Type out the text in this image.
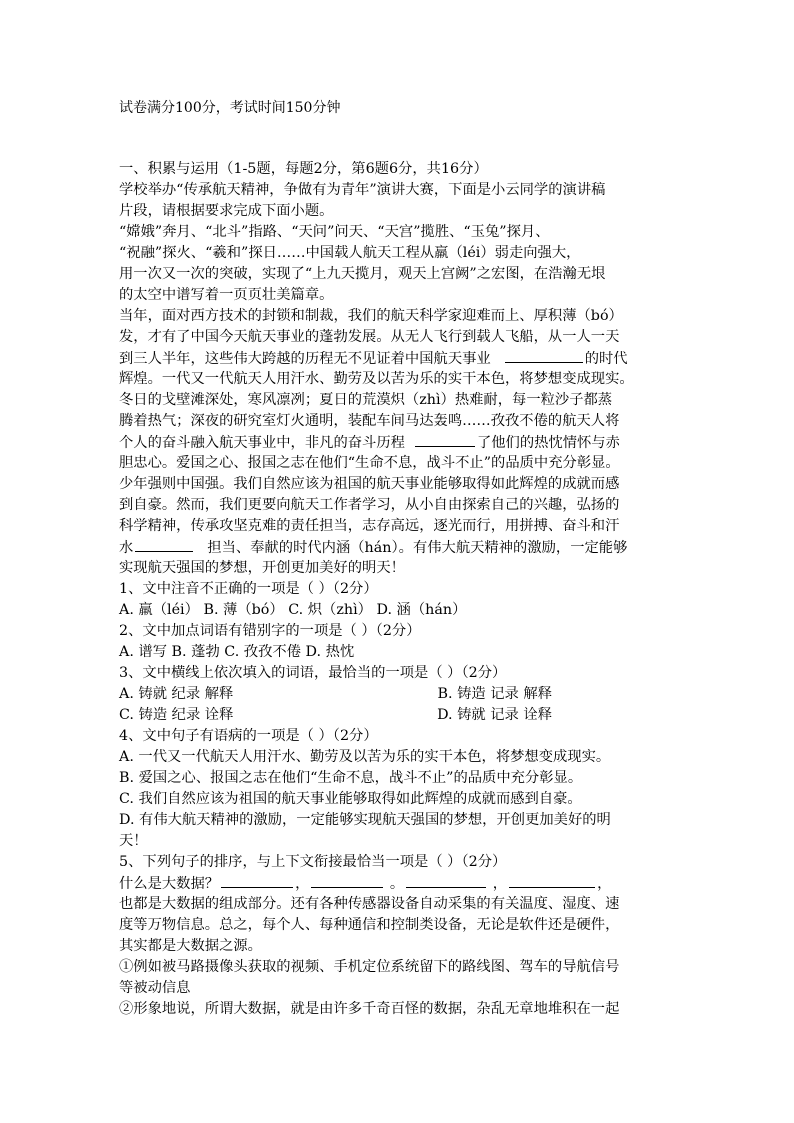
试卷满分100分，考试时间150分钟
一、积累与运用（1-5题，每题2分，第6题6分，共16分）
学校举办“传承航天精神，争做有为青年”演讲大赛，下面是小云同学的演讲稿
片段，请根据要求完成下面小题。
“嫦娥”奔月、“北斗”指路、“天问”问天、“天宫”揽胜、“玉兔”探月、
“祝融”探火、“羲和”探日……中国载人航天工程从羸（léi）弱走向强大，
用一次又一次的突破，实现了“上九天揽月，观天上宫阙”之宏图，在浩瀚无垠
的太空中谱写着一页页壮美篇章。
当年，面对西方技术的封锁和制裁，我们的航天科学家迎难而上、厚积薄（bó）
发，才有了中国今天航天事业的蓬勃发展。从无人飞行到载人飞船，从一人一天
到三人半年，这些伟大跨越的历程无不见证着中国航天事业	的时代
辉煌。一代又一代航天人用汗水、勤劳及以苦为乐的实干本色，将梦想变成现实。
冬日的戈壁滩深处，寒风凛冽；夏日的荒漠炽（zhì）热难耐，每一粒沙子都蒸
腾着热气；深夜的研究室灯火通明，装配车间马达轰鸣……孜孜不倦的航天人将
个人的奋斗融入航天事业中，非凡的奋斗历程	了他们的热忱情怀与赤
胆忠心。爱国之心、报国之志在他们“生命不息，战斗不止”的品质中充分彰显。
少年强则中国强。我们自然应该为祖国的航天事业能够取得如此辉煌的成就而感
到自豪。然而，我们更要向航天工作者学习，从小自由探索自己的兴趣，弘扬的
科学精神，传承攻坚克难的责任担当，志存高远，逐光而行，用拼搏、奋斗和汗
水	担当、奉献的时代内涵（hán）。有伟大航天精神的激励，一定能够
实现航天强国的梦想，开创更加美好的明天！
1、文中注音不正确的一项是（ ）（2分）
A. 羸（léi） B. 薄（bó） C. 炽（zhì） D. 涵（hán）
2、文中加点词语有错别字的一项是（ ）（2分）
A. 谱写 B. 蓬勃 C. 孜孜不倦 D. 热忱
3、文中横线上依次填入的词语，最恰当的一项是（ ）（2分）
A. 铸就 纪录 解释	B. 铸造 记录 解释
C. 铸造 纪录 诠释	D. 铸就 记录 诠释
4、文中句子有语病的一项是（ ）（2分）
A. 一代又一代航天人用汗水、勤劳及以苦为乐的实干本色，将梦想变成现实。
B. 爱国之心、报国之志在他们“生命不息，战斗不止”的品质中充分彰显。
C. 我们自然应该为祖国的航天事业能够取得如此辉煌的成就而感到自豪。
D. 有伟大航天精神的激励，一定能够实现航天强国的梦想，开创更加美好的明
天！
5、下列句子的排序，与上下文衔接最恰当一项是（ ）（2分）
什么是大数据？	，	。	，	，
也都是大数据的组成部分。还有各种传感器设备自动采集的有关温度、湿度、速
度等万物信息。总之，每个人、每种通信和控制类设备，无论是软件还是硬件，
其实都是大数据之源。
①例如被马路摄像头获取的视频、手机定位系统留下的路线图、驾车的导航信号
等被动信息
②形象地说，所谓大数据，就是由许多千奇百怪的数据，杂乱无章地堆积在一起
